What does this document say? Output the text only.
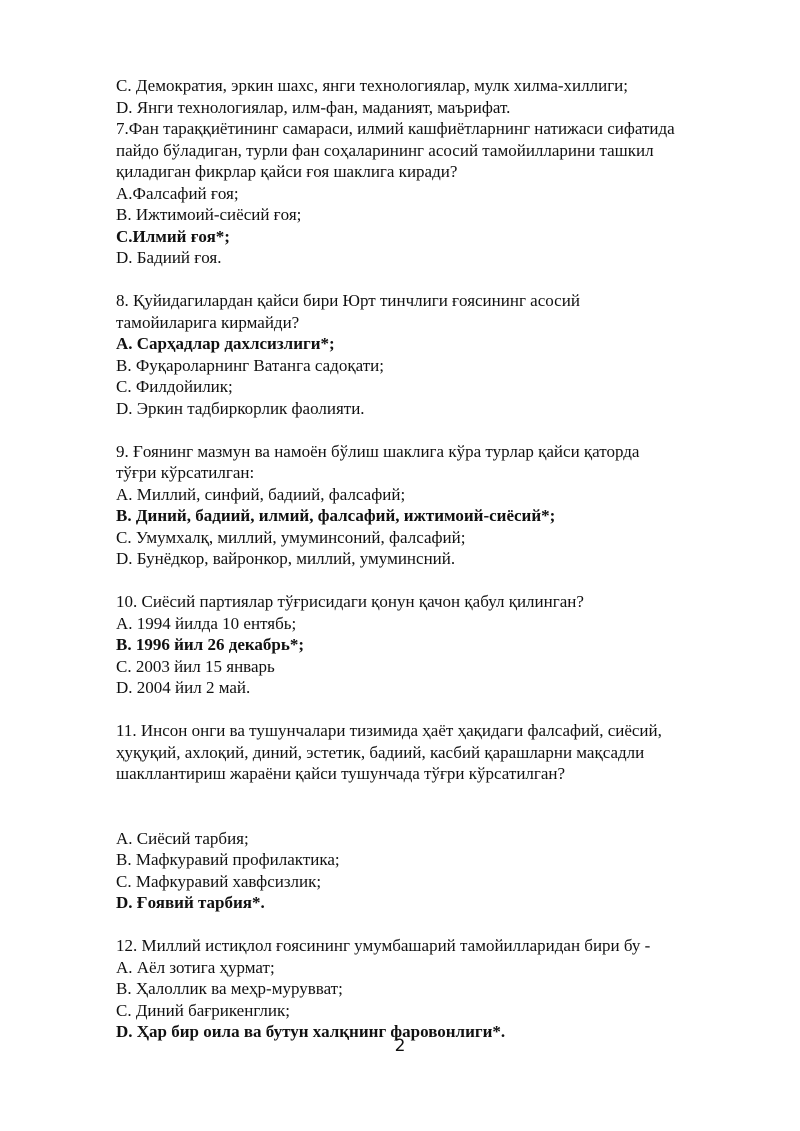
C. Демократия, эркин шахс, янги технологиялар, мулк хилма-хиллиги;
D. Янги технологиялар, илм-фан, маданият, маърифат.
7.Фан тараққиётининг самараси, илмий кашфиётларнинг натижаси сифатида
пайдо бўладиган, турли фан соҳаларининг асосий тамойилларини ташкил
қиладиган фикрлар қайси ғоя шаклига киради?
A.Фалсафий ғоя;
B. Ижтимоий-сиёсий ғоя;
C.Илмий ғоя*;
D. Бадиий ғоя.
8. Қуйидагилардан қайси бири Юрт тинчлиги ғоясининг асосий
тамойиларига кирмайди?
A. Сарҳадлар дахлсизлиги*;
B. Фуқароларнинг Ватанга садоқати;
C. Филдойилик;
D. Эркин тадбиркорлик фаолияти.
9. Ғоянинг мазмун ва намоён бўлиш шаклига кўра турлар қайси қаторда
тўғри кўрсатилган:
A. Миллий, синфий, бадиий, фалсафий;
B. Диний, бадиий, илмий, фалсафий, ижтимоий-сиёсий*;
C. Умумхалқ, миллий, умуминсоний, фалсафий;
D. Бунёдкор, вайронкор, миллий, умуминсний.
10. Сиёсий партиялар тўғрисидаги қонун қачон қабул қилинган?
A. 1994 йилда 10 ентябь;
B. 1996 йил 26 декабрь*;
C. 2003 йил 15 январь
D. 2004 йил 2 май.
11. Инсон онги ва тушунчалари тизимида ҳаёт ҳақидаги фалсафий, сиёсий,
ҳуқуқий, ахлоқий, диний, эстетик, бадиий, касбий қарашларни мақсадли
шакллантириш жараёни қайси тушунчада тўғри кўрсатилган?
A. Сиёсий тарбия;
B. Мафкуравий профилактика;
C. Мафкуравий хавфсизлик;
D. Ғоявий тарбия*.
12. Миллий истиқлол ғоясининг умумбашарий тамойилларидан бири бу -
A. Аёл зотига ҳурмат;
B. Ҳалоллик ва меҳр-мурувват;
C. Диний бағрикенглик;
D. Ҳар бир оила ва бутун халқнинг фаровонлиги*.
2
